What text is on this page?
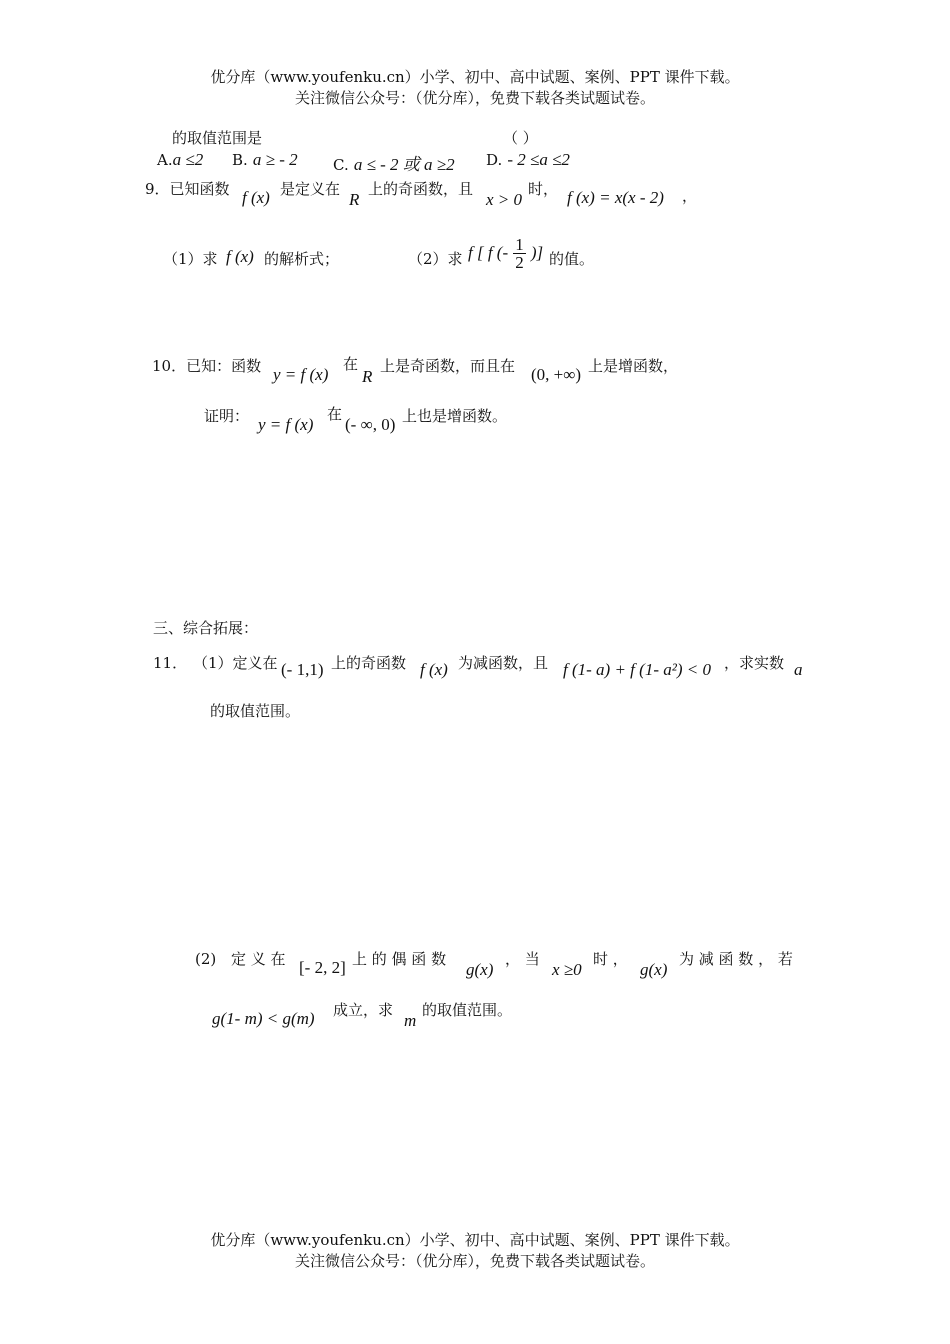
优分库（www.youfenku.cn）小学、初中、高中试题、案例、PPT 课件下载。
关注微信公众号：（优分库），免费下载各类试题试卷。
的取值范围是	（ ）
A.a ≤2 B. a ≥ - 2 C. a ≤ - 2 或 a ≥2 D. - 2 ≤a ≤2
9．已知函数 f (x) 是定义在
R
上的奇函数，且
x > 0
时， f (x) = x(x - 2) ，
（1）求 f (x) 的解析式；	（2）求 f [ f (- $\frac{1}{2}$ )] 的值。
10．已知：函数 y = f (x)
在
R
上是奇函数，而且在 (0, +∞) 上是增函数，
证明： y = f (x)
在
(- ∞, 0) 上也是增函数。
三、综合拓展：
11． （1）定义在 (- 1,1) 上的奇函数 f (x) 为减函数，且 f (1- a) + f (1- a²) < 0 ，求实数 a
的取值范围。
(2) 定 义 在 [- 2, 2] 上 的 偶 函 数
g(x)
， 当
x ≥0
时 ，
g(x)
为 减 函 数 ， 若
g(1- m) < g(m) 成立，求
m
的取值范围。
优分库（www.youfenku.cn）小学、初中、高中试题、案例、PPT 课件下载。
关注微信公众号：（优分库），免费下载各类试题试卷。
